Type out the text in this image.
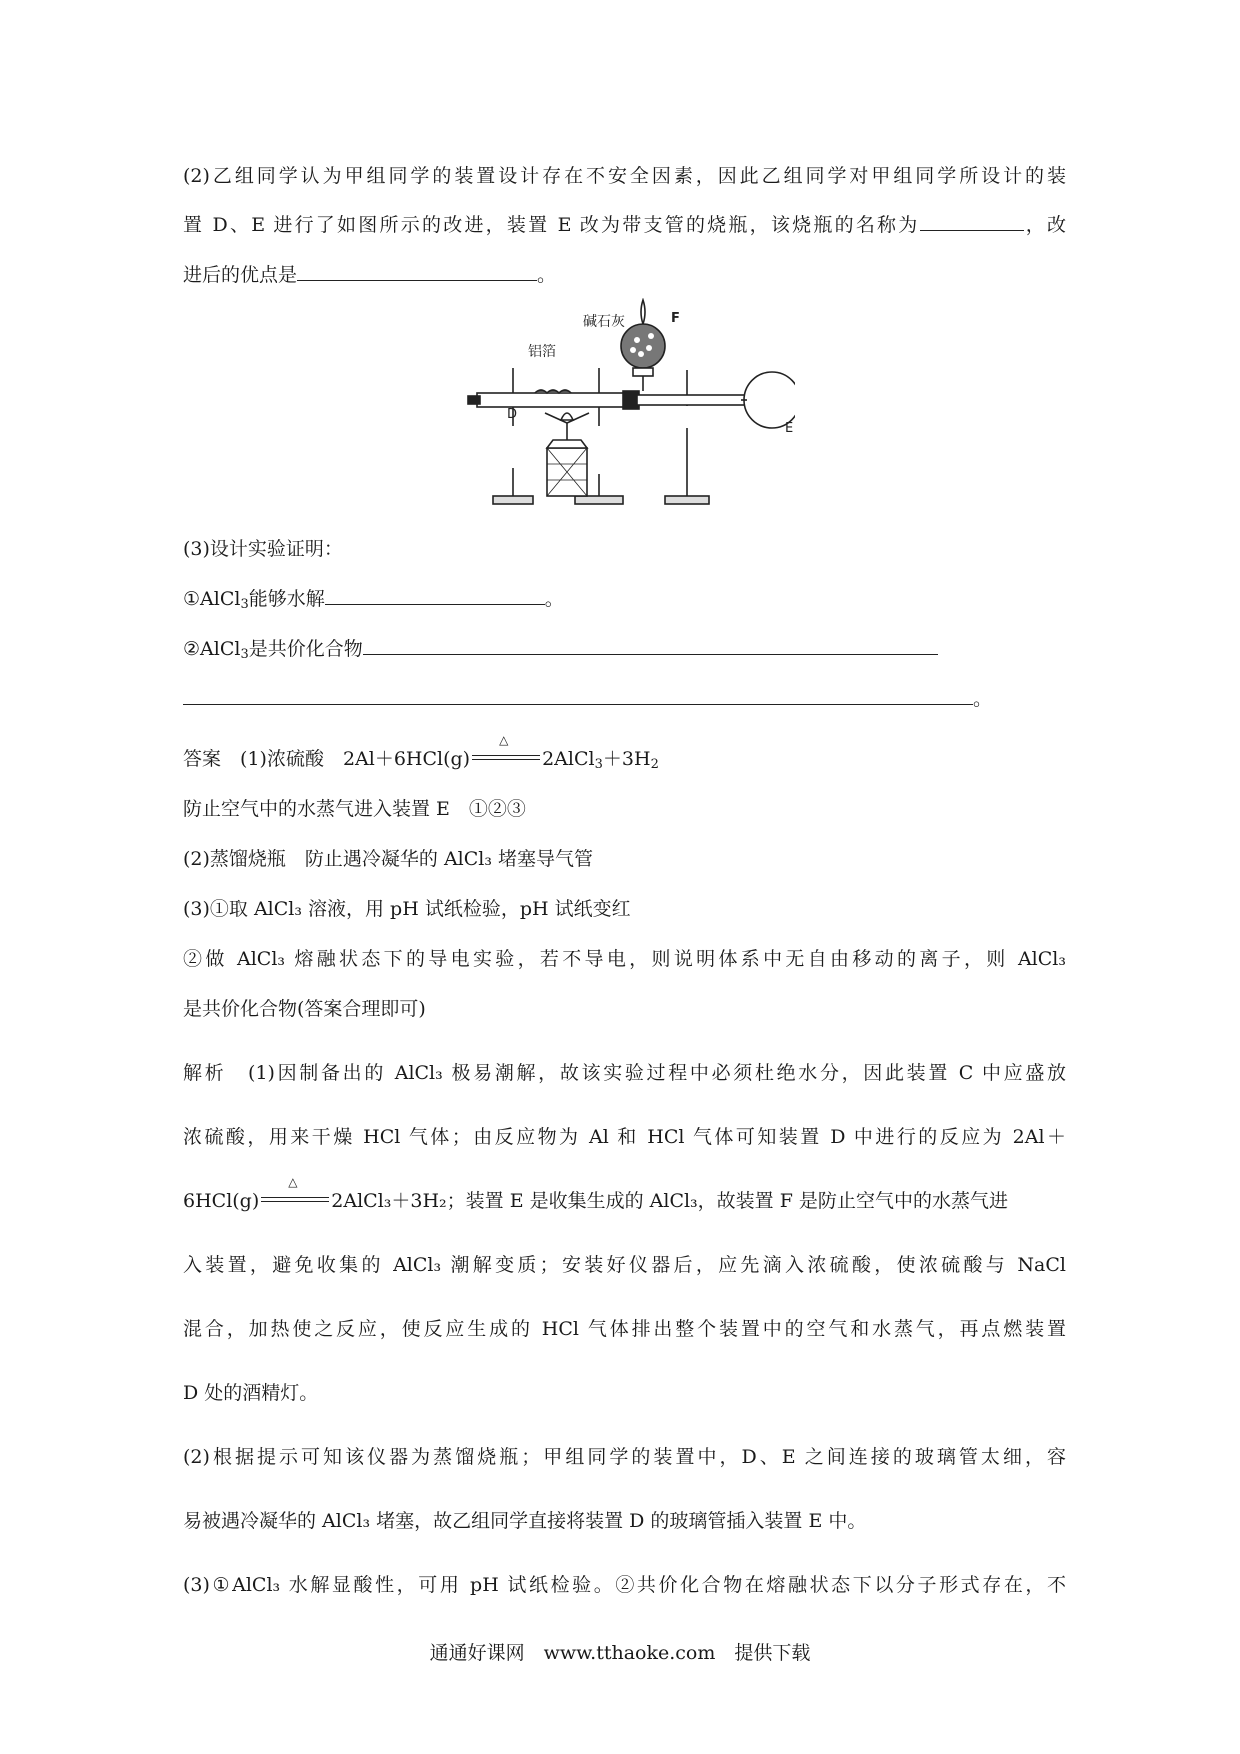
(2)乙组同学认为甲组同学的装置设计存在不安全因素，因此乙组同学对甲组同学所设计的装
置 D、E 进行了如图所示的改进，装置 E 改为带支管的烧瓶，该烧瓶的名称为	，改
进后的优点是	。
碱石灰	F
铝箔
D
E
(3)设计实验证明：
①AlCl$_3$能够水解	。
②AlCl$_3$是共价化合物
。
答案　 (1)浓硫酸　2Al＋6HCl(g)
△
$2AlCl_3+3H_2$
防止空气中的水蒸气进入装置 E　①②③
(2)蒸馏烧瓶　防止遇冷凝华的 AlCl₃ 堵塞导气管
(3)①取 AlCl₃ 溶液，用 pH 试纸检验，pH 试纸变红
②做 AlCl₃ 熔融状态下的导电实验，若不导电，则说明体系中无自由移动的离子，则 AlCl₃
是共价化合物(答案合理即可)
解析　 (1)因制备出的 AlCl₃ 极易潮解，故该实验过程中必须杜绝水分，因此装置 C 中应盛放
浓硫酸，用来干燥 HCl 气体；由反应物为 Al 和 HCl 气体可知装置 D 中进行的反应为 2Al＋
6HCl(g)
△
2AlCl₃＋3H₂；装置 E 是收集生成的 AlCl₃，故装置 F 是防止空气中的水蒸气进
入装置，避免收集的 AlCl₃ 潮解变质；安装好仪器后，应先滴入浓硫酸，使浓硫酸与 NaCl
混合，加热使之反应，使反应生成的 HCl 气体排出整个装置中的空气和水蒸气，再点燃装置
D 处的酒精灯。
(2)根据提示可知该仪器为蒸馏烧瓶；甲组同学的装置中，D、E 之间连接的玻璃管太细，容
易被遇冷凝华的 AlCl₃ 堵塞，故乙组同学直接将装置 D 的玻璃管插入装置 E 中。
(3)①AlCl₃ 水解显酸性，可用 pH 试纸检验。②共价化合物在熔融状态下以分子形式存在，不
通通好课网　www.tthaoke.com　提供下载
